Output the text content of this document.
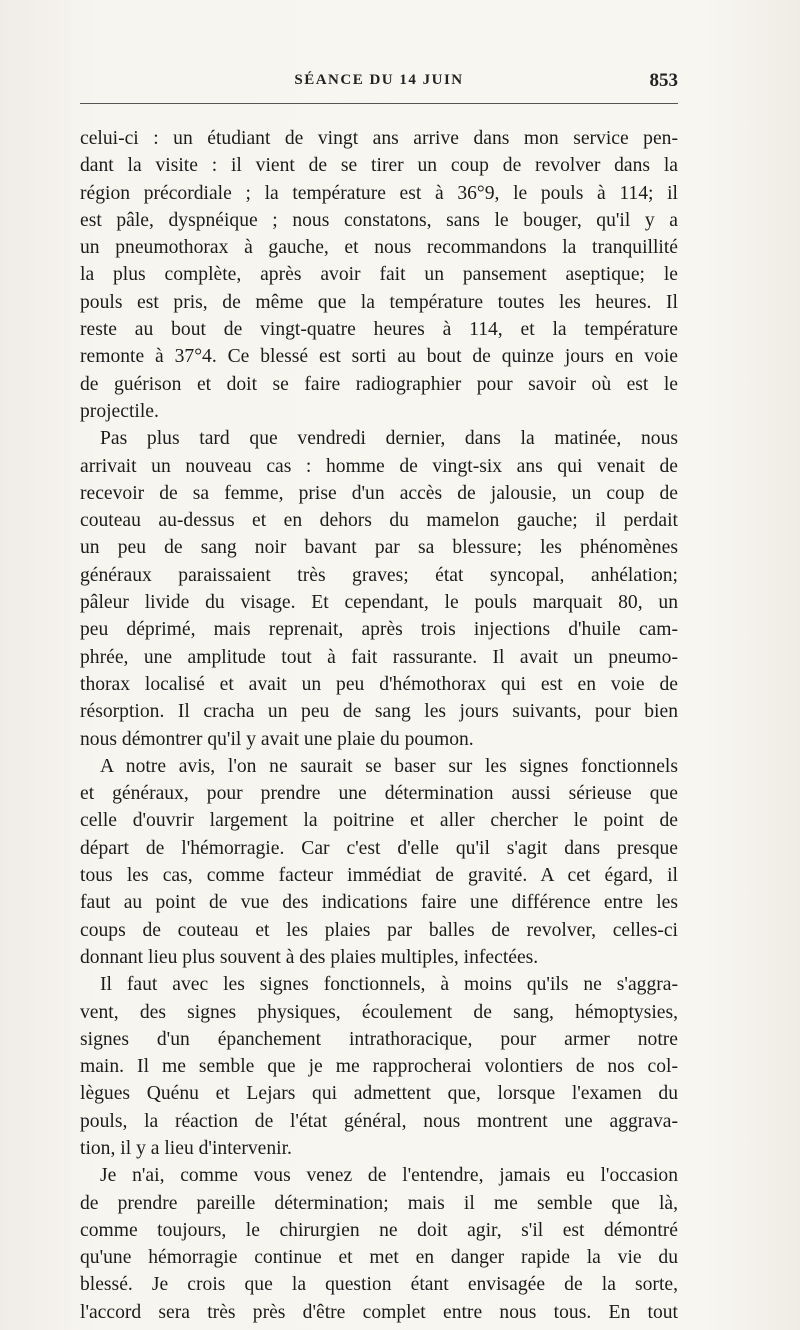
SÉANCE DU 14 JUIN	853
celui-ci : un étudiant de vingt ans arrive dans mon service pen-
dant la visite : il vient de se tirer un coup de revolver dans la
région précordiale ; la température est à 36°9, le pouls à 114; il
est pâle, dyspnéique ; nous constatons, sans le bouger, qu'il y a
un pneumothorax à gauche, et nous recommandons la tranquillité
la plus complète, après avoir fait un pansement aseptique; le
pouls est pris, de même que la température toutes les heures. Il
reste au bout de vingt-quatre heures à 114, et la température
remonte à 37°4. Ce blessé est sorti au bout de quinze jours en voie
de guérison et doit se faire radiographier pour savoir où est le
projectile.
Pas plus tard que vendredi dernier, dans la matinée, nous
arrivait un nouveau cas : homme de vingt-six ans qui venait de
recevoir de sa femme, prise d'un accès de jalousie, un coup de
couteau au-dessus et en dehors du mamelon gauche; il perdait
un peu de sang noir bavant par sa blessure; les phénomènes
généraux paraissaient très graves; état syncopal, anhélation;
pâleur livide du visage. Et cependant, le pouls marquait 80, un
peu déprimé, mais reprenait, après trois injections d'huile cam-
phrée, une amplitude tout à fait rassurante. Il avait un pneumo-
thorax localisé et avait un peu d'hémothorax qui est en voie de
résorption. Il cracha un peu de sang les jours suivants, pour bien
nous démontrer qu'il y avait une plaie du poumon.
A notre avis, l'on ne saurait se baser sur les signes fonctionnels
et généraux, pour prendre une détermination aussi sérieuse que
celle d'ouvrir largement la poitrine et aller chercher le point de
départ de l'hémorragie. Car c'est d'elle qu'il s'agit dans presque
tous les cas, comme facteur immédiat de gravité. A cet égard, il
faut au point de vue des indications faire une différence entre les
coups de couteau et les plaies par balles de revolver, celles-ci
donnant lieu plus souvent à des plaies multiples, infectées.
Il faut avec les signes fonctionnels, à moins qu'ils ne s'aggra-
vent, des signes physiques, écoulement de sang, hémoptysies,
signes d'un épanchement intrathoracique, pour armer notre
main. Il me semble que je me rapprocherai volontiers de nos col-
lègues Quénu et Lejars qui admettent que, lorsque l'examen du
pouls, la réaction de l'état général, nous montrent une aggrava-
tion, il y a lieu d'intervenir.
Je n'ai, comme vous venez de l'entendre, jamais eu l'occasion
de prendre pareille détermination; mais il me semble que là,
comme toujours, le chirurgien ne doit agir, s'il est démontré
qu'une hémorragie continue et met en danger rapide la vie du
blessé. Je crois que la question étant envisagée de la sorte,
l'accord sera très près d'être complet entre nous tous. En tout
